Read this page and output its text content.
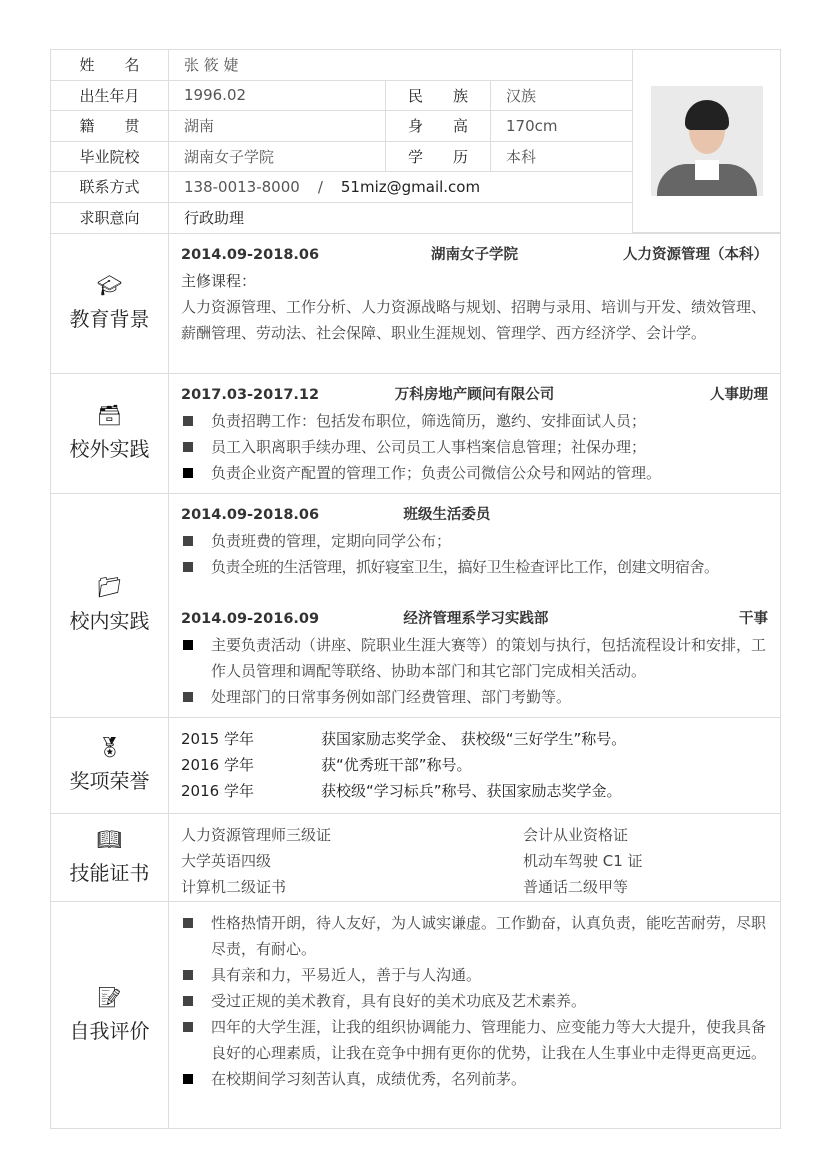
姓　　名	张 筱 婕
出生年月	1996.02	民　　族	汉族
籍　　贯	湖南	身　　高	170cm
毕业院校	湖南女子学院	学　　历	本科
联系方式	138-0013-8000 / 51miz@gmail.com
求职意向	行政助理
🎓︎
教育背景
2014.09-2018.06	湖南女子学院	人力资源管理（本科）
主修课程：
人力资源管理、工作分析、人力资源战略与规划、招聘与录用、培训与开发、绩效管理、薪酬管理、劳动法、社会保障、职业生涯规划、管理学、西方经济学、会计学。
🗃︎
校外实践
2017.03-2017.12	万科房地产顾问有限公司	人事助理
负责招聘工作：包括发布职位，筛选简历，邀约、安排面试人员；
员工入职离职手续办理、公司员工人事档案信息管理；社保办理；
负责企业资产配置的管理工作；负责公司微信公众号和网站的管理。
📁︎
校内实践
2014.09-2018.06	班级生活委员
负责班费的管理，定期向同学公布；
负责全班的生活管理，抓好寝室卫生，搞好卫生检查评比工作，创建文明宿舍。
2014.09-2016.09	经济管理系学习实践部	干事
主要负责活动（讲座、院职业生涯大赛等）的策划与执行，包括流程设计和安排，工作人员管理和调配等联络、协助本部门和其它部门完成相关活动。
处理部门的日常事务例如部门经费管理、部门考勤等。
🏅︎
奖项荣誉
2015 学年	获国家励志奖学金、 获校级“三好学生”称号。
2016 学年	获“优秀班干部”称号。
2016 学年	获校级“学习标兵”称号、获国家励志奖学金。
📖︎
技能证书
人力资源管理师三级证	会计从业资格证
大学英语四级	机动车驾驶 C1 证
计算机二级证书	普通话二级甲等
📝︎
自我评价
性格热情开朗，待人友好，为人诚实谦虚。工作勤奋，认真负责，能吃苦耐劳，尽职尽责，有耐心。
具有亲和力，平易近人，善于与人沟通。
受过正规的美术教育，具有良好的美术功底及艺术素养。
四年的大学生涯，让我的组织协调能力、管理能力、应变能力等大大提升，使我具备良好的心理素质，让我在竞争中拥有更你的优势，让我在人生事业中走得更高更远。
在校期间学习刻苦认真，成绩优秀，名列前茅。
